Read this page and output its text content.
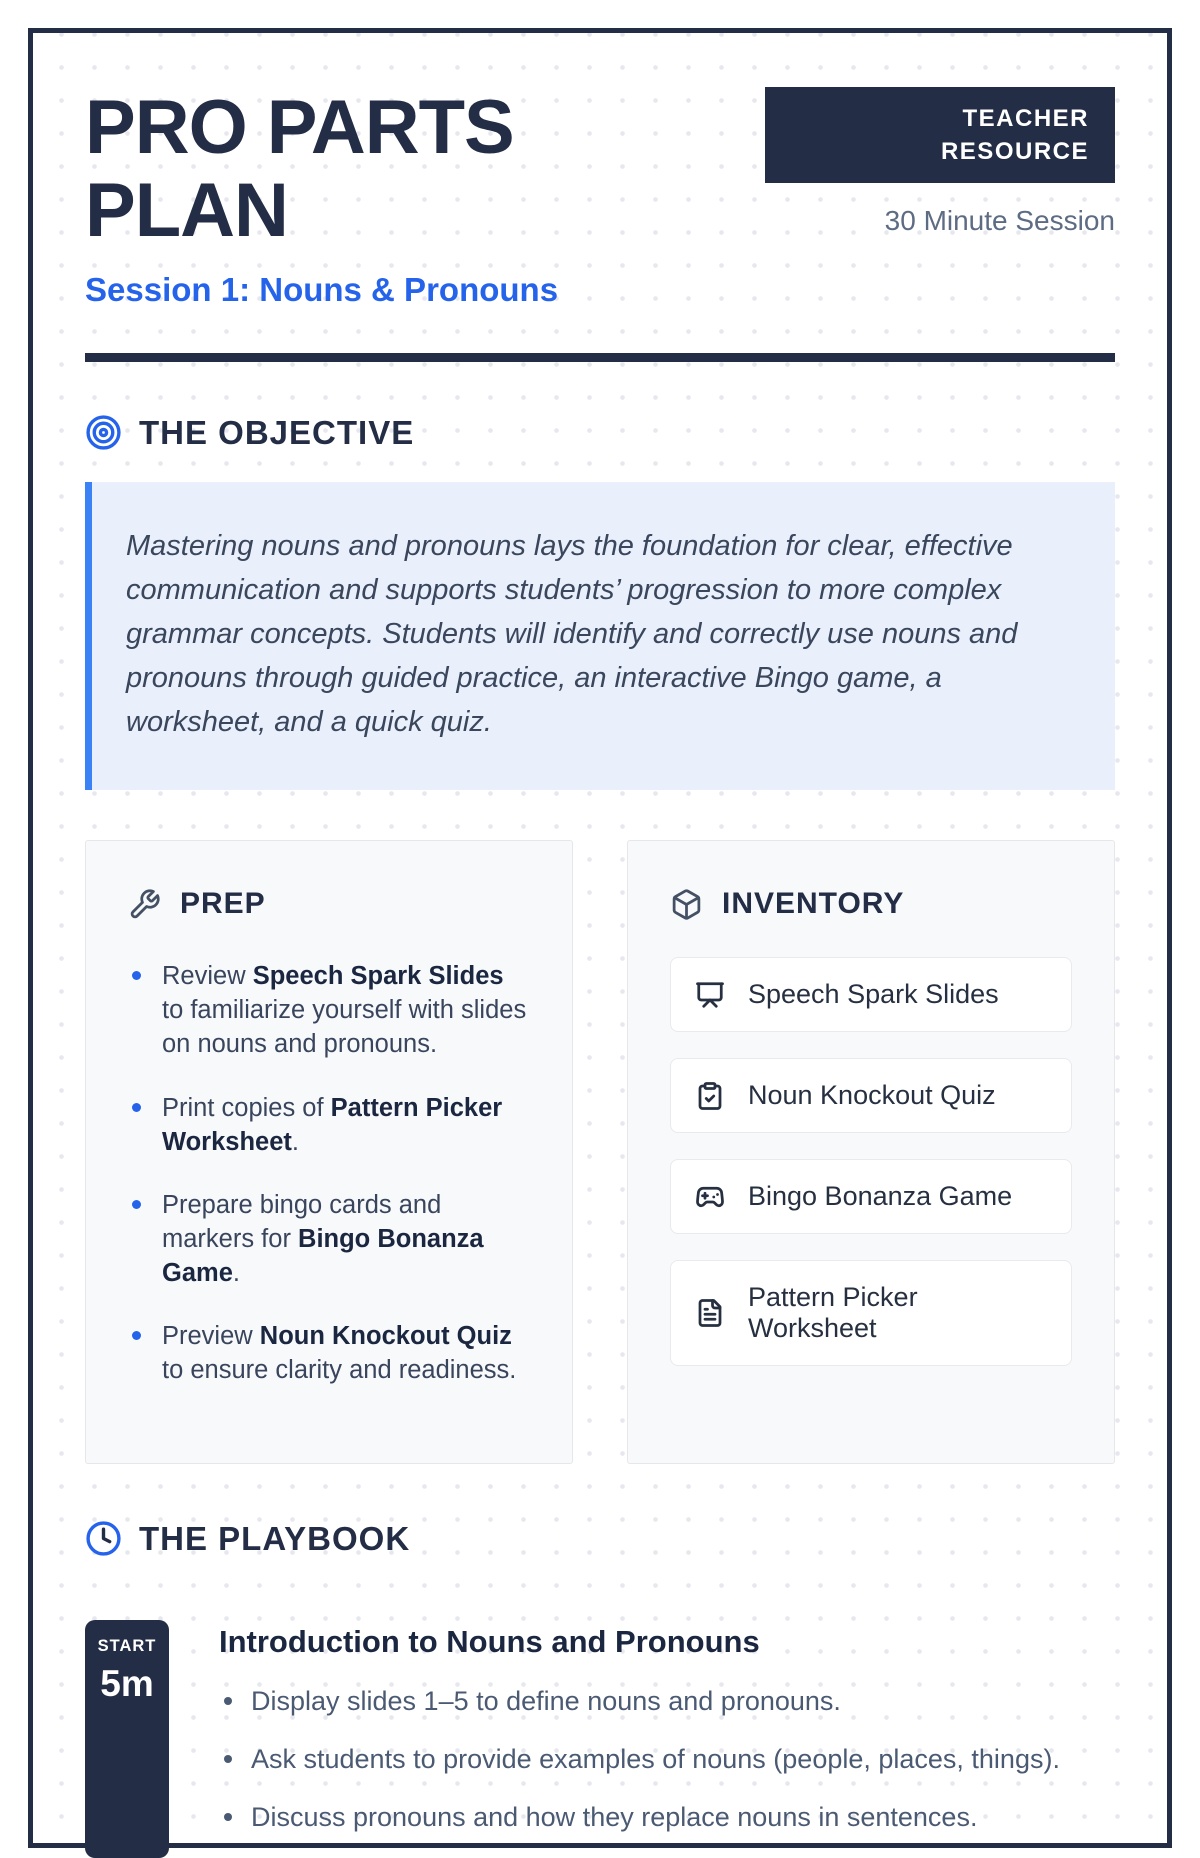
PRO PARTS PLAN
TEACHER RESOURCE
30 Minute Session
Session 1: Nouns & Pronouns
THE OBJECTIVE

Mastering nouns and pronouns lays the foundation for clear, effective communication and supports students’ progression to more complex grammar concepts. Students will identify and correctly use nouns and pronouns through guided practice, an interactive Bingo game, a worksheet, and a quick quiz.

PREP
Review Speech Spark Slides to familiarize yourself with slides on nouns and pronouns.
Print copies of Pattern Picker Worksheet.
Prepare bingo cards and markers for Bingo Bonanza Game.
Preview Noun Knockout Quiz to ensure clarity and readiness.
INVENTORY
Speech Spark Slides
Noun Knockout Quiz
Bingo Bonanza Game
Pattern Picker Worksheet
THE PLAYBOOK
START
5m
Introduction to Nouns and Pronouns
Display slides 1–5 to define nouns and pronouns.
Ask students to provide examples of nouns (people, places, things).
Discuss pronouns and how they replace nouns in sentences.
